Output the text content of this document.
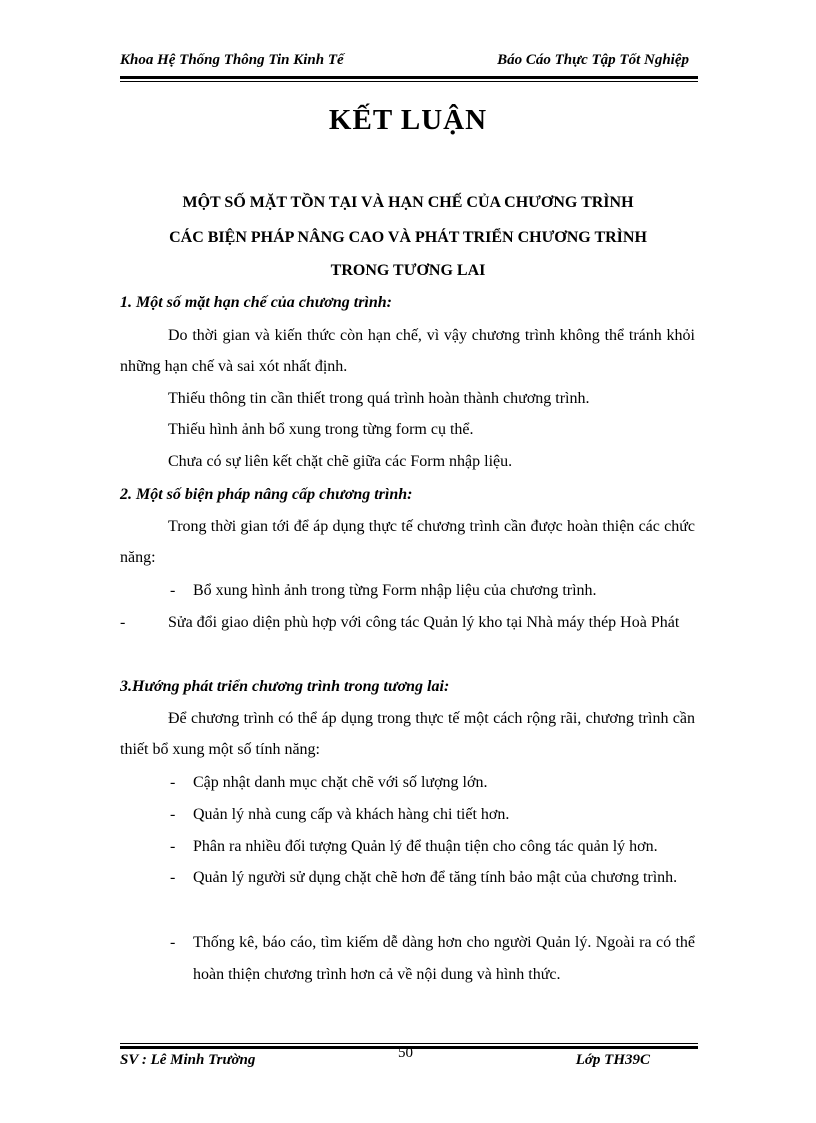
Khoa Hệ Thống Thông Tin Kinh Tế	Báo Cáo Thực Tập Tốt Nghiệp
KẾT LUẬN
MỘT SỐ MẶT TỒN TẠI VÀ HẠN CHẾ CỦA CHƯƠNG TRÌNH
CÁC BIỆN PHÁP NÂNG CAO VÀ PHÁT TRIỂN CHƯƠNG TRÌNH
TRONG TƯƠNG LAI
1. Một số mặt hạn chế của chương trình:

Do thời gian và kiến thức còn hạn chế, vì vậy chương trình không thể tránh khỏi những hạn chế và sai xót nhất định.

Thiếu thông tin cần thiết trong quá trình hoàn thành chương trình.
Thiếu hình ảnh bổ xung trong từng form cụ thể.
Chưa có sự liên kết chặt chẽ giữa các Form nhập liệu.
2. Một số biện pháp nâng cấp chương trình:

Trong thời gian tới để áp dụng thực tế chương trình cần được hoàn thiện các chức năng:

- Bổ xung hình ảnh trong từng Form nhập liệu của chương trình.
-	Sửa đổi giao diện phù hợp với công tác Quản lý kho tại Nhà máy thép Hoà Phát
3.Hướng phát triển chương trình trong tương lai:

Để chương trình có thể áp dụng trong thực tế một cách rộng rãi, chương trình cần thiết bổ xung một số tính năng:

- Cập nhật danh mục chặt chẽ với số lượng lớn.
- Quản lý nhà cung cấp và khách hàng chi tiết hơn.
- Phân ra nhiều đối tượng Quản lý để thuận tiện cho công tác quản lý hơn.
- Quản lý người sử dụng chặt chẽ hơn để tăng tính bảo mật của chương trình.
- Thống kê, báo cáo, tìm kiếm dễ dàng hơn cho người Quản lý. Ngoài ra có thể hoàn thiện chương trình hơn cả về nội dung và hình thức.
50
SV : Lê Minh Trường	Lớp TH39C
